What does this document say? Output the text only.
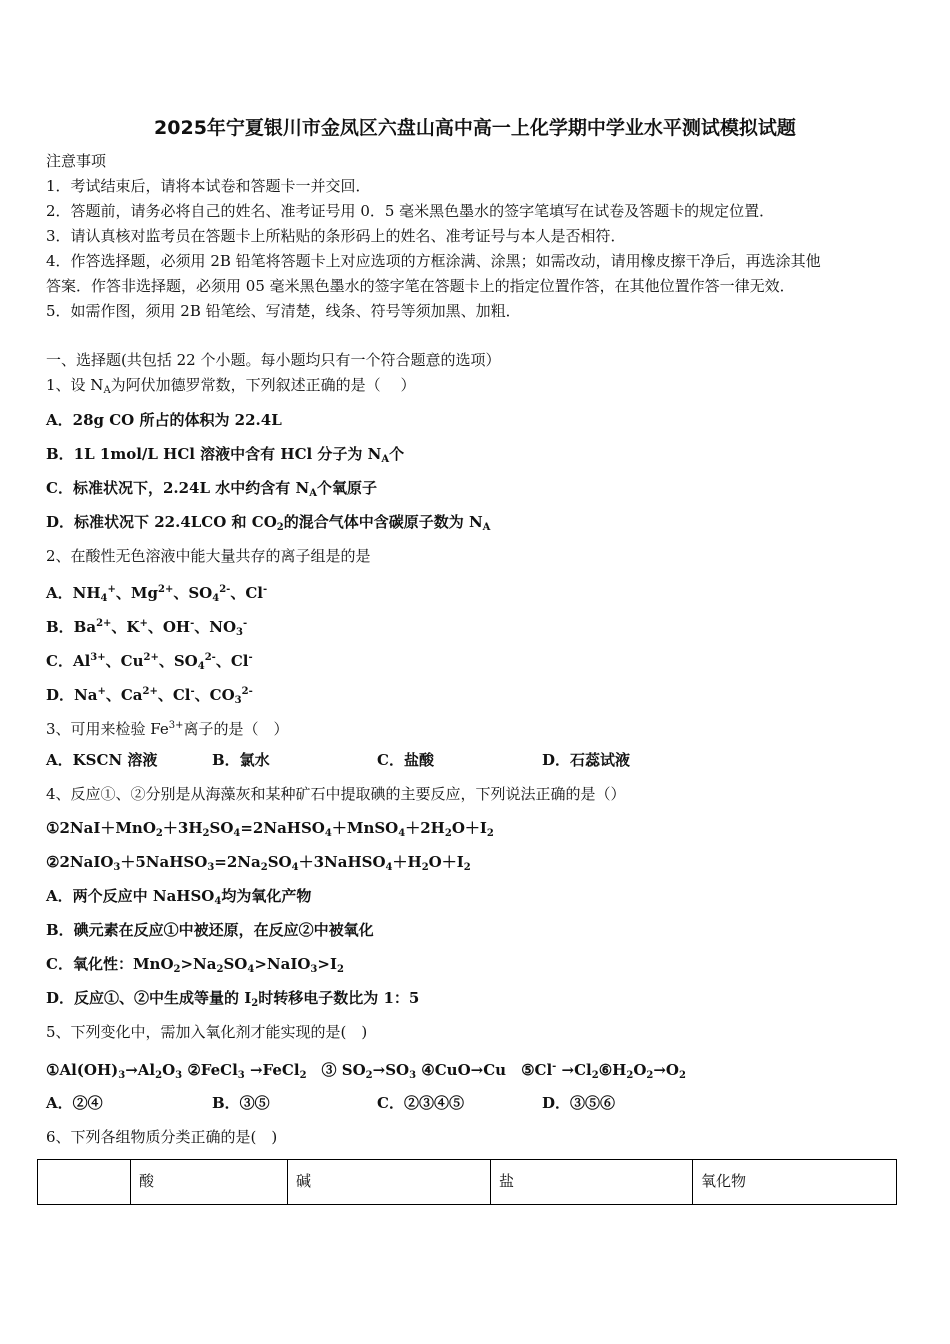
2025年宁夏银川市金凤区六盘山高中高一上化学期中学业水平测试模拟试题
注意事项
1．考试结束后，请将本试卷和答题卡一并交回．
2．答题前，请务必将自己的姓名、准考证号用 0．5 毫米黑色墨水的签字笔填写在试卷及答题卡的规定位置．
3．请认真核对监考员在答题卡上所粘贴的条形码上的姓名、准考证号与本人是否相符．
4．作答选择题，必须用 2B 铅笔将答题卡上对应选项的方框涂满、涂黑；如需改动，请用橡皮擦干净后，再选涂其他
答案．作答非选择题，必须用 05 毫米黑色墨水的签字笔在答题卡上的指定位置作答，在其他位置作答一律无效．
5．如需作图，须用 2B 铅笔绘、写清楚，线条、符号等须加黑、加粗．
一、选择题(共包括 22 个小题。每小题均只有一个符合题意的选项）
1、设 $N_A$为阿伏加德罗常数，下列叙述正确的是（　 ）
A．28g CO 所占的体积为 22.4L
B．1L 1mol/L HCl 溶液中含有 HCl 分子为 $N_A$个
C．标准状况下，2.24L 水中约含有 $N_A$个氧原子
D．标准状况下 22.4LCO 和 $CO_2$的混合气体中含碳原子数为 $N_A$
2、在酸性无色溶液中能大量共存的离子组是的是
A．$NH_4^+$、$Mg^{2+}$、$SO_4^{2-}$、Cl-
B．$Ba^{2+}$、K+、OH-、$NO_3^-$
C．$Al^{3+}$、$Cu^{2+}$、$SO_4^{2-}$、Cl-
D．Na+、$Ca^{2+}$、Cl-、$CO_3^{2-}$
3、可用来检验 $Fe^{3+}$离子的是（　）
A．KSCN 溶液	B．氯水	C．盐酸	D．石蕊试液
4、反应①、②分别是从海藻灰和某种矿石中提取碘的主要反应，下列说法正确的是（）
$①2NaI+MnO_2+3H_2SO_4=2NaHSO_4+MnSO_4+2H_2O+I_2$
$②2NaIO_3+5NaHSO_3=2Na_2SO_4+3NaHSO_4+H_2O+I_2$
A．两个反应中 NaHSO$_4$均为氧化产物
B．碘元素在反应①中被还原，在反应②中被氧化
C．氧化性：$MnO_2>Na_2SO_4>NaIO_3>I_2$
D．反应①、②中生成等量的 $I_2$时转移电子数比为 1：5
5、下列变化中，需加入氧化剂才能实现的是(　)
$①Al(OH)_3\to Al_2O_3$ ②FeCl$_3$ →FeCl$_2$　③ $SO_2\to SO_3$ ④CuO→Cu　⑤Cl- $\to Cl_2⑥H_2O_2\to O_2$
A．②④	B．③⑤	C．②③④⑤	D．③⑤⑥
6、下列各组物质分类正确的是(　)
	酸	碱	盐	氧化物
